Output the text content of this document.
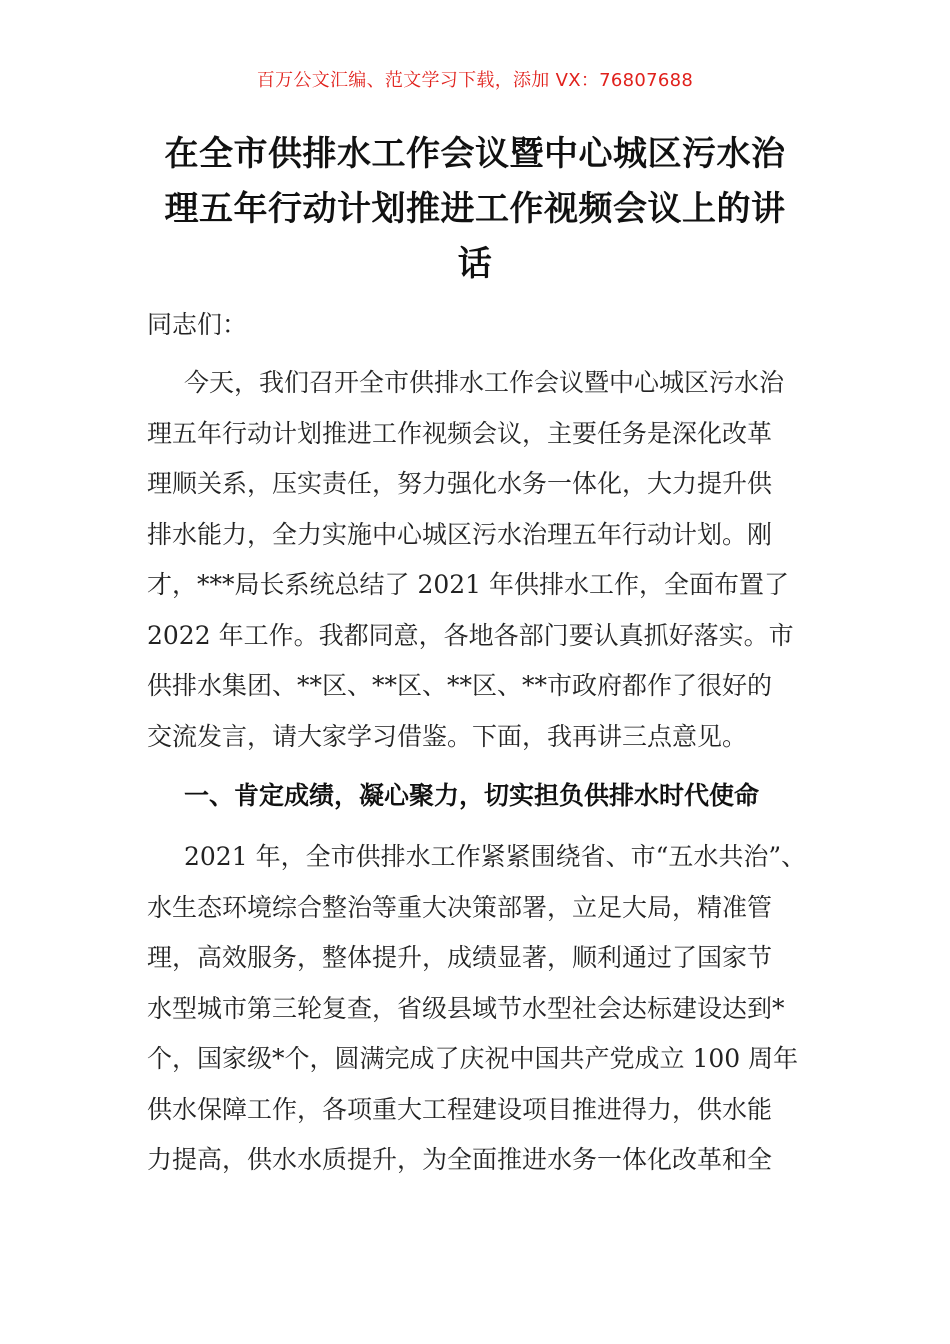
百万公文汇编、范文学习下载，添加 VX：76807688
在全市供排水工作会议暨中心城区污水治
理五年行动计划推进工作视频会议上的讲
话
同志们：
今天，我们召开全市供排水工作会议暨中心城区污水治
理五年行动计划推进工作视频会议，主要任务是深化改革
理顺关系，压实责任，努力强化水务一体化，大力提升供
排水能力，全力实施中心城区污水治理五年行动计划。刚
才，***局长系统总结了 2021 年供排水工作，全面布置了
2022 年工作。我都同意，各地各部门要认真抓好落实。市
供排水集团、**区、**区、**区、**市政府都作了很好的
交流发言，请大家学习借鉴。下面，我再讲三点意见。
一、肯定成绩，凝心聚力，切实担负供排水时代使命
2021 年，全市供排水工作紧紧围绕省、市“五水共治”、
水生态环境综合整治等重大决策部署，立足大局，精准管
理，高效服务，整体提升，成绩显著，顺利通过了国家节
水型城市第三轮复查，省级县域节水型社会达标建设达到*
个，国家级*个，圆满完成了庆祝中国共产党成立 100 周年
供水保障工作，各项重大工程建设项目推进得力，供水能
力提高，供水水质提升，为全面推进水务一体化改革和全
